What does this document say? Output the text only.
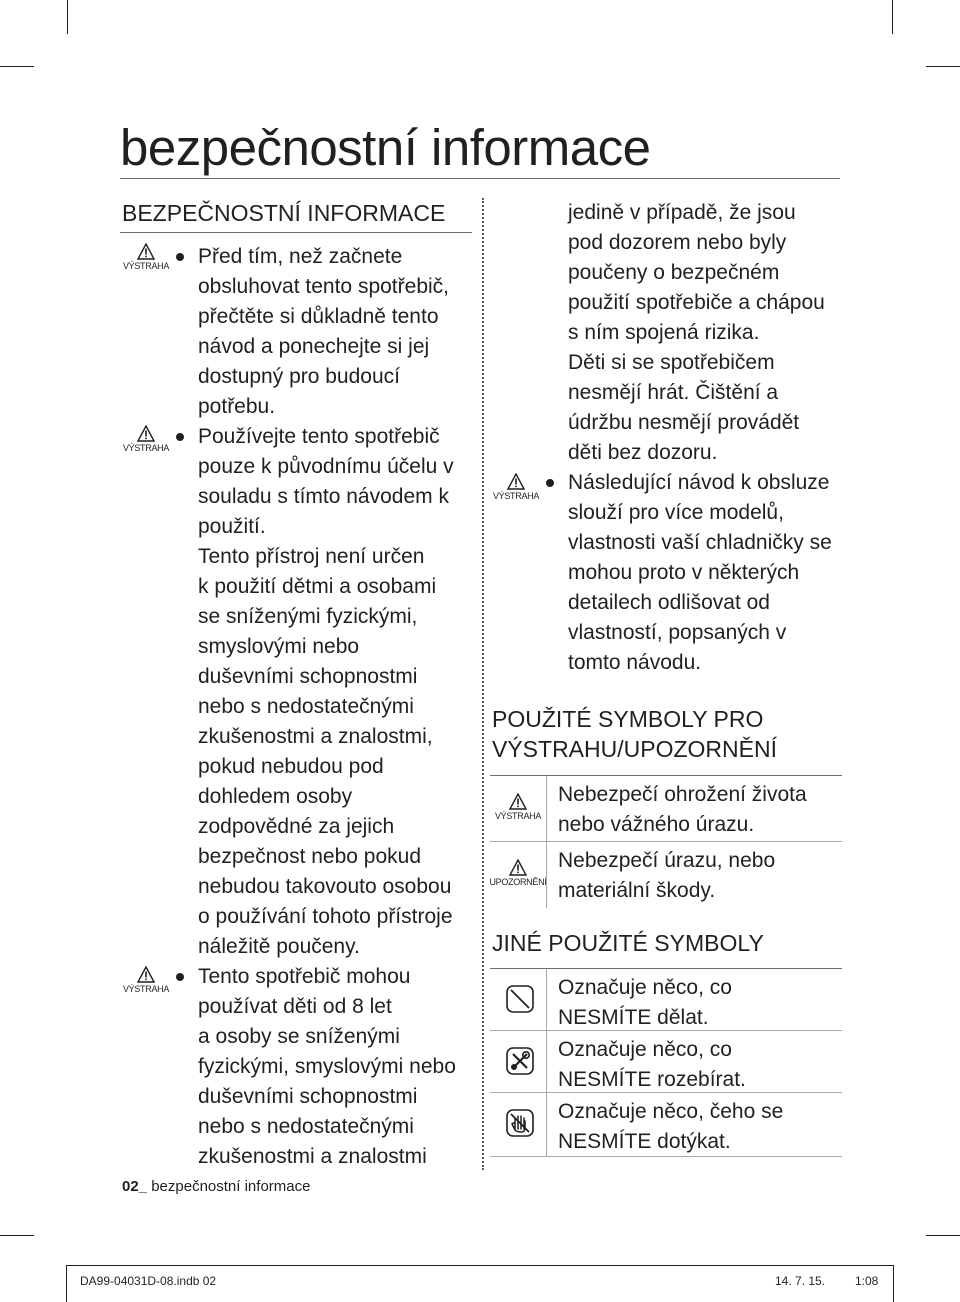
bezpečnostní informace
BEZPEČNOSTNÍ INFORMACE
VÝSTRAHA
VÝSTRAHA
VÝSTRAHA
Před tím, než začnete
obsluhovat tento spotřebič,
přečtěte si důkladně tento
návod a ponechejte si jej
dostupný pro budoucí
potřebu.
Používejte tento spotřebič
pouze k původnímu účelu v
souladu s tímto návodem k
použití.
Tento přístroj není určen
k použití dětmi a osobami
se sníženými fyzickými,
smyslovými nebo
duševními schopnostmi
nebo s nedostatečnými
zkušenostmi a znalostmi,
pokud nebudou pod
dohledem osoby
zodpovědné za jejich
bezpečnost nebo pokud
nebudou takovouto osobou
o používání tohoto přístroje
náležitě poučeny.
Tento spotřebič mohou
používat děti od 8 let
a osoby se sníženými
fyzickými, smyslovými nebo
duševními schopnostmi
nebo s nedostatečnými
zkušenostmi a znalostmi
jedině v případě, že jsou
pod dozorem nebo byly
poučeny o bezpečném
použití spotřebiče a chápou
s ním spojená rizika.
Děti si se spotřebičem
nesmějí hrát. Čištění a
údržbu nesmějí provádět
děti bez dozoru.
VÝSTRAHA
Následující návod k obsluze
slouží pro více modelů,
vlastnosti vaší chladničky se
mohou proto v některých
detailech odlišovat od
vlastností, popsaných v
tomto návodu.
POUŽITÉ SYMBOLY PRO
VÝSTRAHU/UPOZORNĚNÍ
VÝSTRAHA
Nebezpečí ohrožení života
nebo vážného úrazu.
UPOZORNĚNÍ
Nebezpečí úrazu, nebo
materiální škody.
JINÉ POUŽITÉ SYMBOLY
Označuje něco, co
NESMÍTE dělat.
Označuje něco, co
NESMÍTE rozebírat.
Označuje něco, čeho se
NESMÍTE dotýkat.
02_ bezpečnostní informace
DA99-04031D-08.indb 02	14. 7. 15. 1:08
